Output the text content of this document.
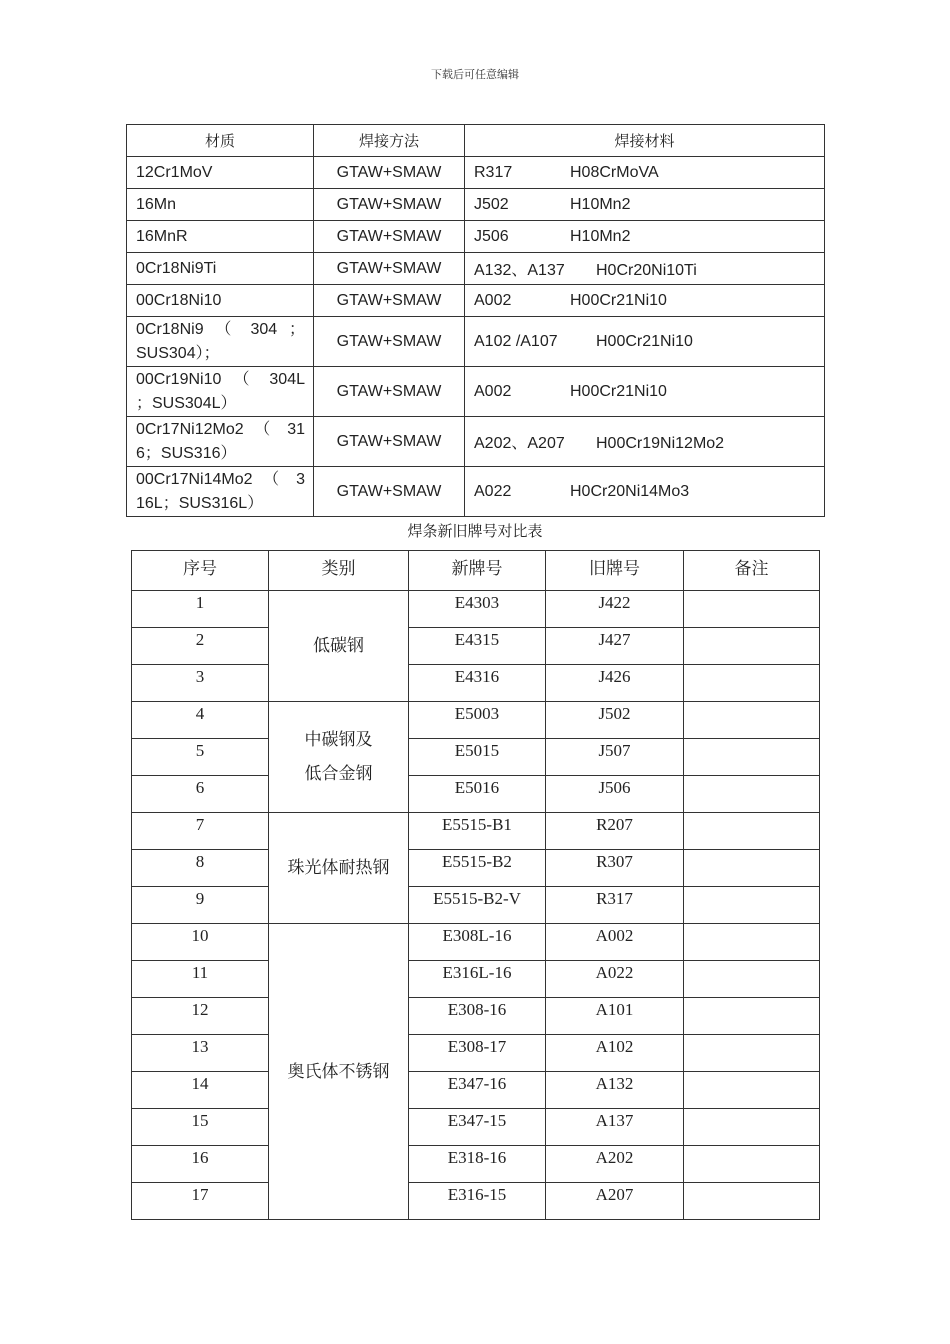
下载后可任意编辑
材质	焊接方法	焊接材料

12Cr1MoV	GTAW+SMAW	R317 H08CrMoVA

16Mn	GTAW+SMAW	J502 H10Mn2

16MnR	GTAW+SMAW	J506 H10Mn2

0Cr18Ni9Ti	GTAW+SMAW	A132、A137 H0Cr20Ni10Ti

00Cr18Ni10	GTAW+SMAW	A002 H00Cr21Ni10

0Cr18Ni9 （ 304 ；
SUS304）；	GTAW+SMAW	A102 /A107 H00Cr21Ni10

00Cr19Ni10 （ 304L
；SUS304L）	GTAW+SMAW	A002 H00Cr21Ni10

0Cr17Ni12Mo2 （ 31
6；SUS316）	GTAW+SMAW	A202、A207 H00Cr19Ni12Mo2

00Cr17Ni14Mo2 （ 3
16L；SUS316L）	GTAW+SMAW	A022 H0Cr20Ni14Mo3
焊条新旧牌号对比表
序号	类别	新牌号	旧牌号	备注
1	低碳钢	E4303	J422	
2		E4315	J427	
3		E4316	J426	
4	中碳钢及
低合金钢	E5003	J502	
5		E5015	J507	
6		E5016	J506	
7	珠光体耐热钢	E5515-B1	R207	
8		E5515-B2	R307	
9		E5515-B2-V	R317	
10	奥氏体不锈钢	E308L-16	A002	
11		E316L-16	A022	
12		E308-16	A101	
13		E308-17	A102	
14		E347-16	A132	
15		E347-15	A137	
16		E318-16	A202	
17		E316-15	A207	
